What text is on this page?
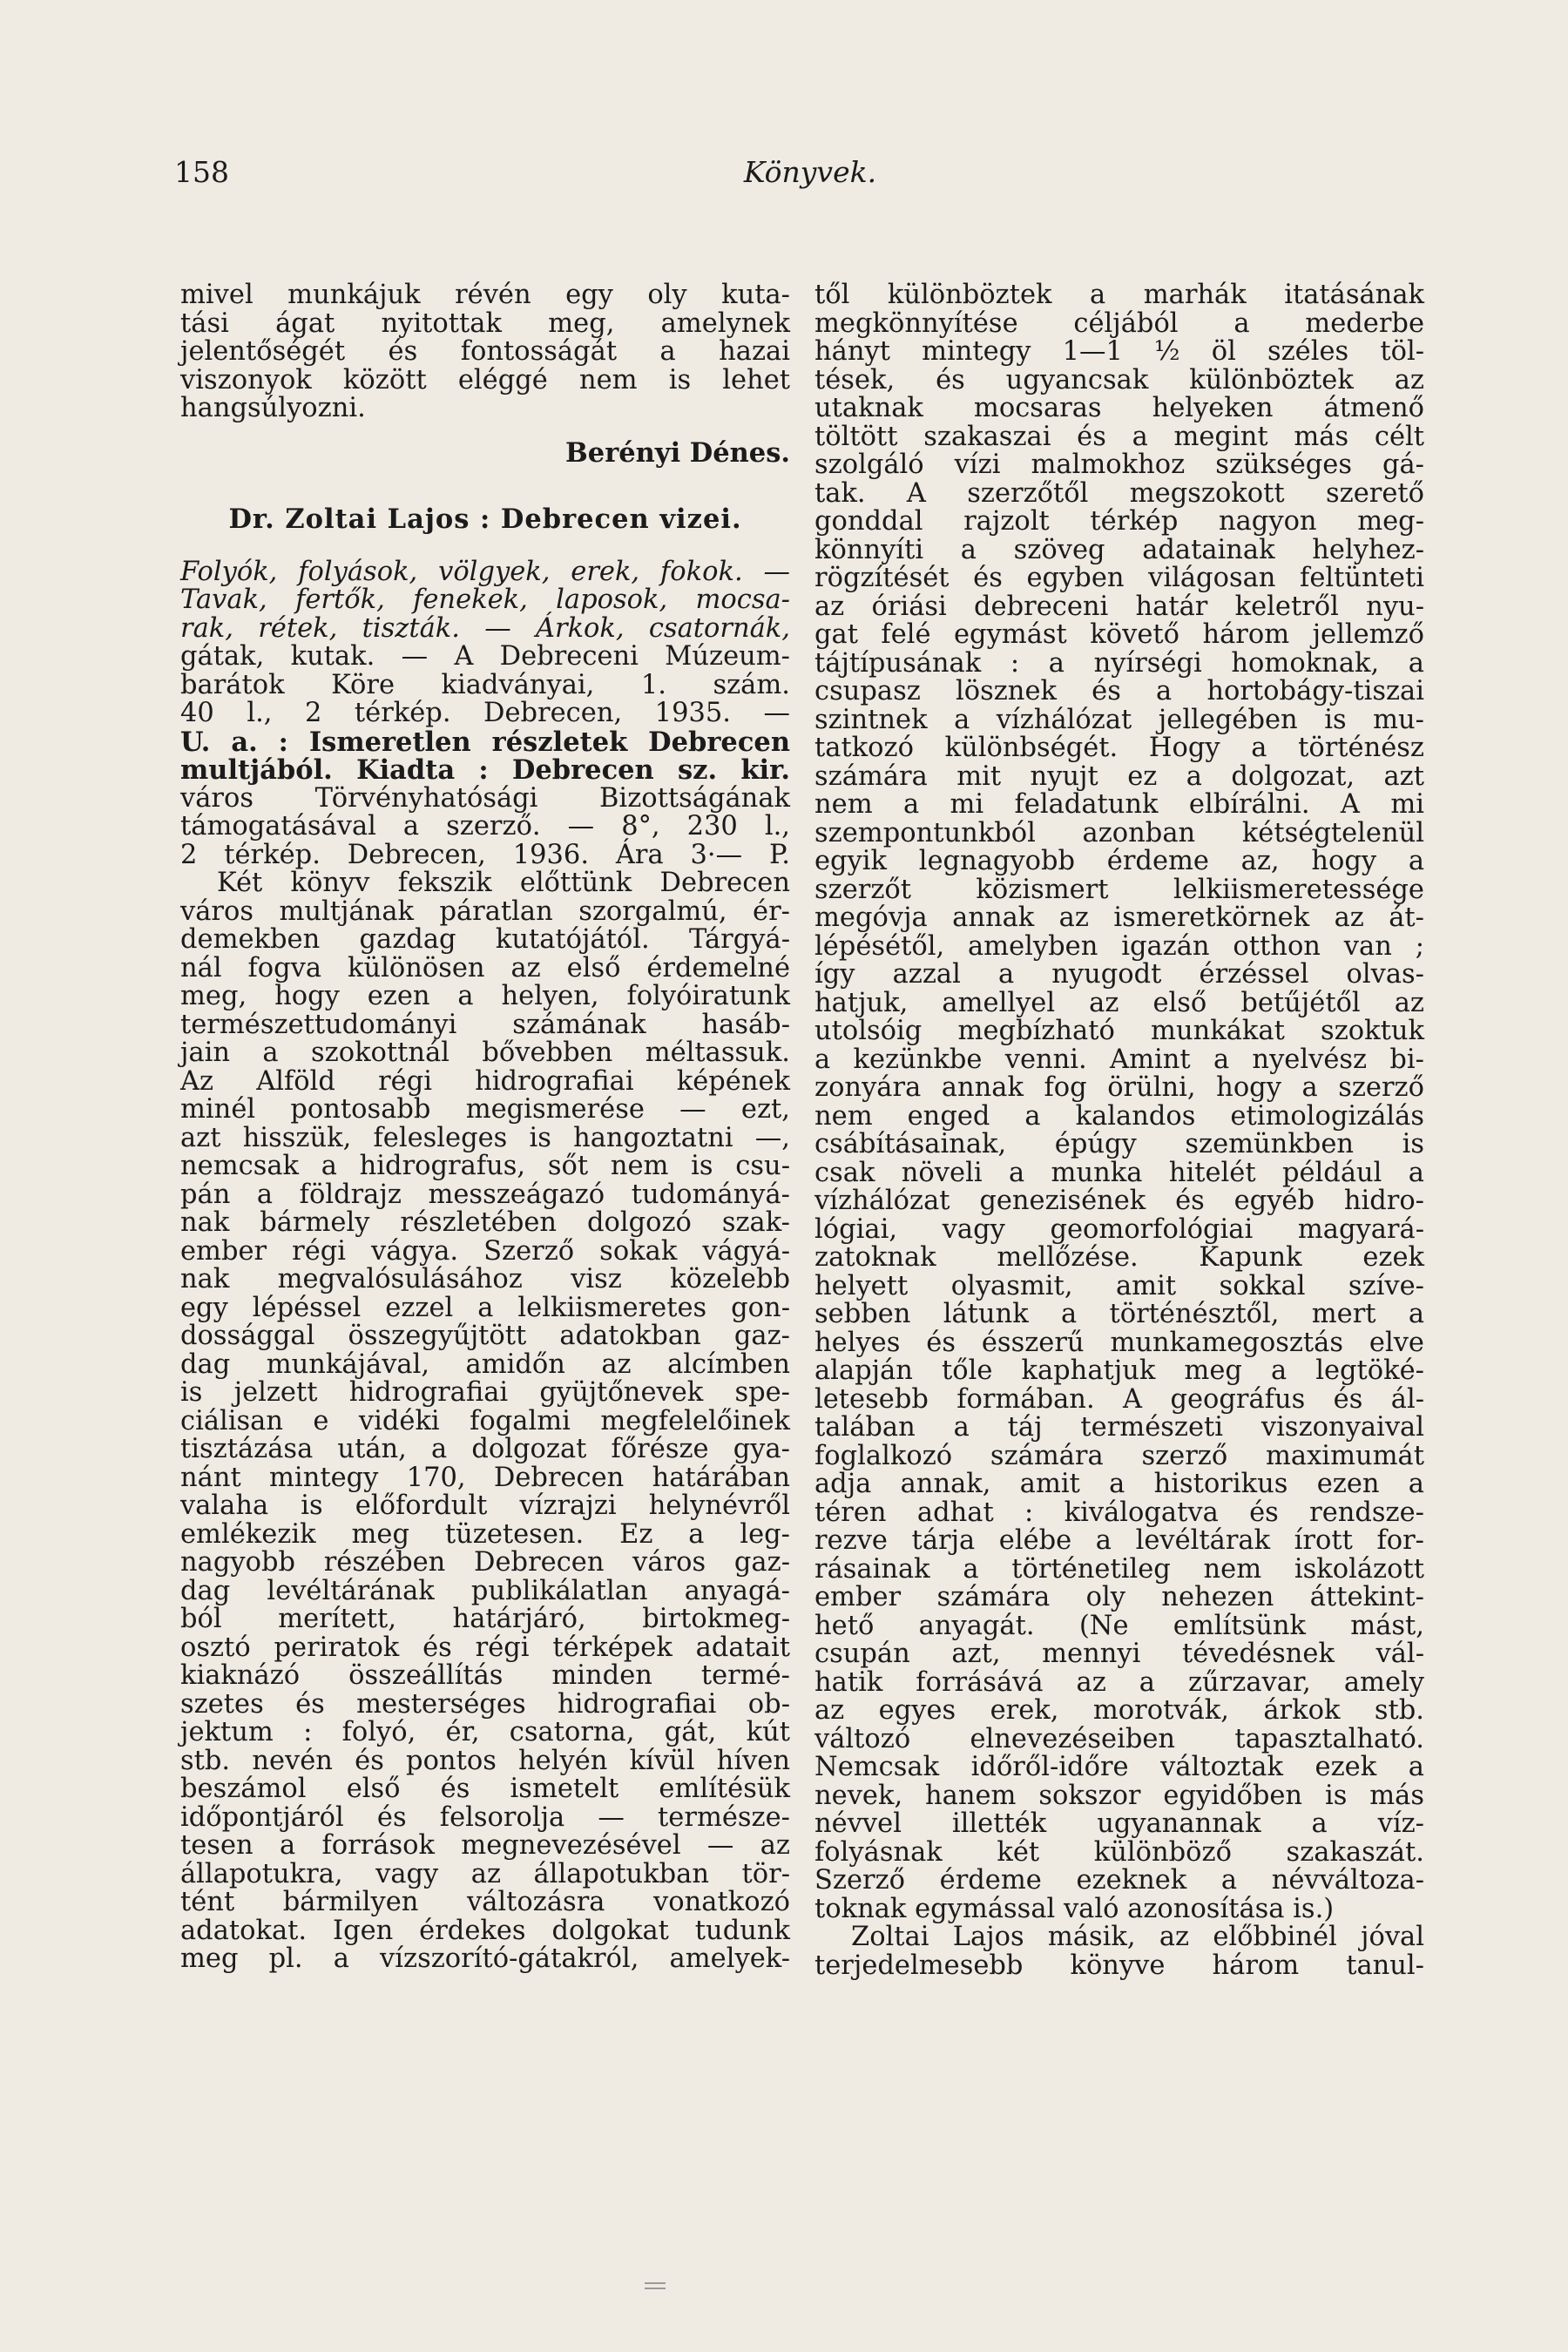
158	Könyvek.
mivel munkájuk révén egy oly kuta-
tási ágat nyitottak meg, amelynek
jelentőségét és fontosságát a hazai
viszonyok között eléggé nem is lehet
hangsúlyozni.
Berényi Dénes.
Dr. Zoltai Lajos : Debrecen vizei.
Folyók, folyások, völgyek, erek, fokok. —
Tavak, fertők, fenekek, laposok, mocsa-
rak, rétek, tiszták. — Árkok, csatornák,
gátak, kutak. — A Debreceni Múzeum-
barátok Köre kiadványai, 1. szám.
40 l., 2 térkép. Debrecen, 1935. —
U. a. : Ismeretlen részletek Debrecen
multjából. Kiadta : Debrecen sz. kir.
város Törvényhatósági Bizottságának
támogatásával a szerző. — 8°, 230 l.,
2 térkép. Debrecen, 1936. Ára 3·— P.
Két könyv fekszik előttünk Debrecen
város multjának páratlan szorgalmú, ér-
demekben gazdag kutatójától. Tárgyá-
nál fogva különösen az első érdemelné
meg, hogy ezen a helyen, folyóiratunk
természettudományi számának hasáb-
jain a szokottnál bővebben méltassuk.
Az Alföld régi hidrografiai képének
minél pontosabb megismerése — ezt,
azt hisszük, felesleges is hangoztatni —,
nemcsak a hidrografus, sőt nem is csu-
pán a földrajz messzeágazó tudományá-
nak bármely részletében dolgozó szak-
ember régi vágya. Szerző sokak vágyá-
nak megvalósulásához visz közelebb
egy lépéssel ezzel a lelkiismeretes gon-
dossággal összegyűjtött adatokban gaz-
dag munkájával, amidőn az alcímben
is jelzett hidrografiai gyüjtőnevek spe-
ciálisan e vidéki fogalmi megfelelőinek
tisztázása után, a dolgozat főrésze gya-
nánt mintegy 170, Debrecen határában
valaha is előfordult vízrajzi helynévről
emlékezik meg tüzetesen. Ez a leg-
nagyobb részében Debrecen város gaz-
dag levéltárának publikálatlan anyagá-
ból merített, határjáró, birtokmeg-
osztó periratok és régi térképek adatait
kiaknázó összeállítás minden termé-
szetes és mesterséges hidrografiai ob-
jektum : folyó, ér, csatorna, gát, kút
stb. nevén és pontos helyén kívül híven
beszámol első és ismetelt említésük
időpontjáról és felsorolja — természe-
tesen a források megnevezésével — az
állapotukra, vagy az állapotukban tör-
tént bármilyen változásra vonatkozó
adatokat. Igen érdekes dolgokat tudunk
meg pl. a vízszorító-gátakról, amelyek-
től különböztek a marhák itatásának
megkönnyítése céljából a mederbe
hányt mintegy 1—1 ½ öl széles töl-
tések, és ugyancsak különböztek az
utaknak mocsaras helyeken átmenő
töltött szakaszai és a megint más célt
szolgáló vízi malmokhoz szükséges gá-
tak. A szerzőtől megszokott szerető
gonddal rajzolt térkép nagyon meg-
könnyíti a szöveg adatainak helyhez-
rögzítését és egyben világosan feltünteti
az óriási debreceni határ keletről nyu-
gat felé egymást követő három jellemző
tájtípusának : a nyírségi homoknak, a
csupasz lösznek és a hortobágy-tiszai
szintnek a vízhálózat jellegében is mu-
tatkozó különbségét. Hogy a történész
számára mit nyujt ez a dolgozat, azt
nem a mi feladatunk elbírálni. A mi
szempontunkból azonban kétségtelenül
egyik legnagyobb érdeme az, hogy a
szerzőt közismert lelkiismeretessége
megóvja annak az ismeretkörnek az át-
lépésétől, amelyben igazán otthon van ;
így azzal a nyugodt érzéssel olvas-
hatjuk, amellyel az első betűjétől az
utolsóig megbízható munkákat szoktuk
a kezünkbe venni. Amint a nyelvész bi-
zonyára annak fog örülni, hogy a szerző
nem enged a kalandos etimologizálás
csábításainak, épúgy szemünkben is
csak növeli a munka hitelét például a
vízhálózat genezisének és egyéb hidro-
lógiai, vagy geomorfológiai magyará-
zatoknak mellőzése. Kapunk ezek
helyett olyasmit, amit sokkal szíve-
sebben látunk a történésztől, mert a
helyes és ésszerű munkamegosztás elve
alapján tőle kaphatjuk meg a legtöké-
letesebb formában. A geográfus és ál-
talában a táj természeti viszonyaival
foglalkozó számára szerző maximumát
adja annak, amit a historikus ezen a
téren adhat : kiválogatva és rendsze-
rezve tárja elébe a levéltárak írott for-
rásainak a történetileg nem iskolázott
ember számára oly nehezen áttekint-
hető anyagát. (Ne említsünk mást,
csupán azt, mennyi tévedésnek vál-
hatik forrásává az a zűrzavar, amely
az egyes erek, morotvák, árkok stb.
változó elnevezéseiben tapasztalható.
Nemcsak időről-időre változtak ezek a
nevek, hanem sokszor egyidőben is más
névvel illették ugyanannak a víz-
folyásnak két különböző szakaszát.
Szerző érdeme ezeknek a névváltoza-
toknak egymással való azonosítása is.)
Zoltai Lajos másik, az előbbinél jóval
terjedelmesebb könyve három tanul-
